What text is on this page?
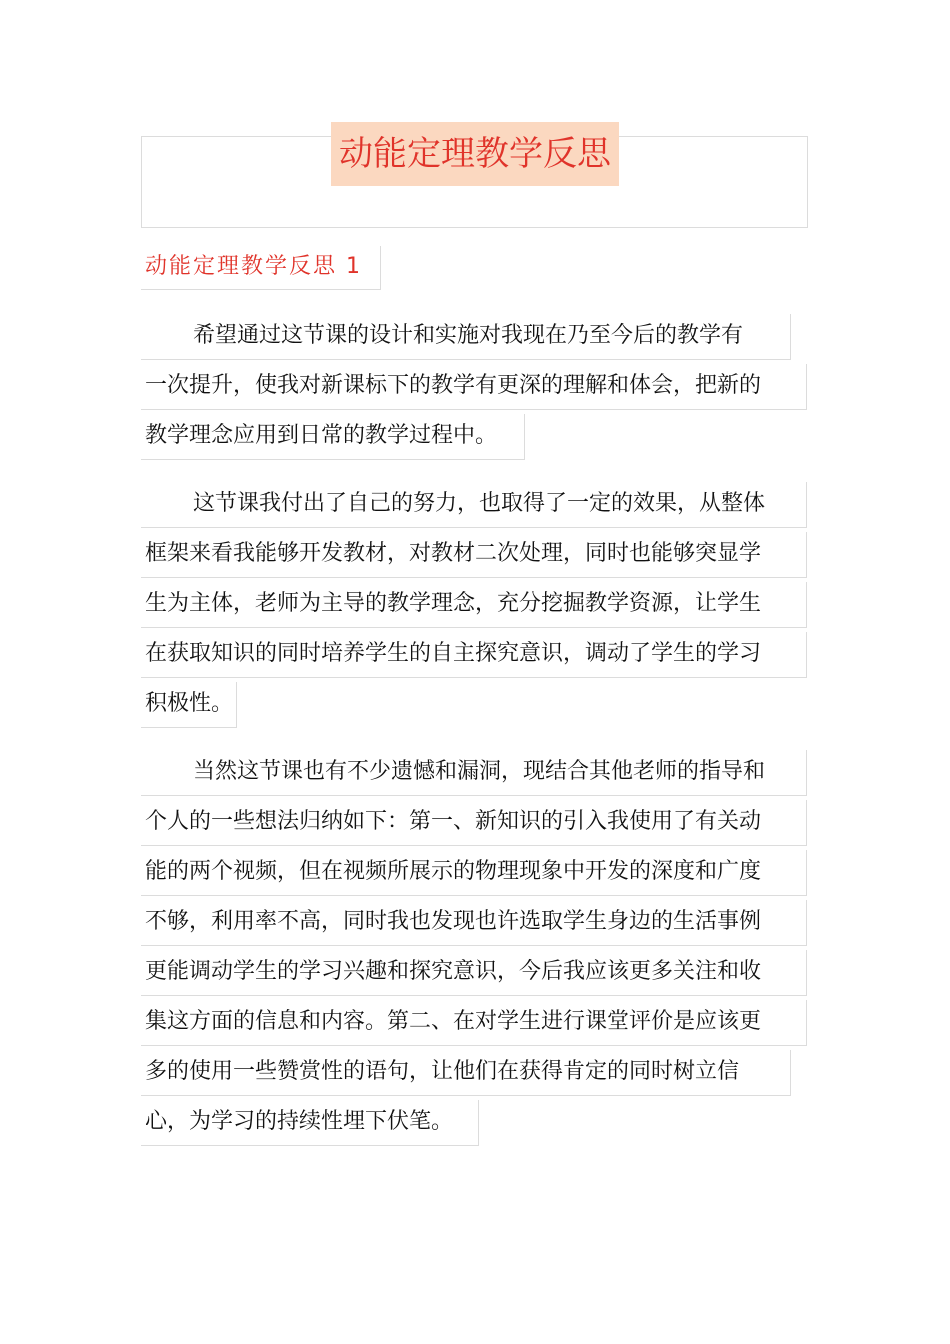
动能定理教学反思
动能定理教学反思 1
希望通过这节课的设计和实施对我现在乃至今后的教学有
一次提升，使我对新课标下的教学有更深的理解和体会，把新的
教学理念应用到日常的教学过程中。
这节课我付出了自己的努力，也取得了一定的效果，从整体
框架来看我能够开发教材，对教材二次处理，同时也能够突显学
生为主体，老师为主导的教学理念，充分挖掘教学资源，让学生
在获取知识的同时培养学生的自主探究意识，调动了学生的学习
积极性。
当然这节课也有不少遗憾和漏洞，现结合其他老师的指导和
个人的一些想法归纳如下：第一、新知识的引入我使用了有关动
能的两个视频，但在视频所展示的物理现象中开发的深度和广度
不够，利用率不高，同时我也发现也许选取学生身边的生活事例
更能调动学生的学习兴趣和探究意识，今后我应该更多关注和收
集这方面的信息和内容。第二、在对学生进行课堂评价是应该更
多的使用一些赞赏性的语句，让他们在获得肯定的同时树立信
心，为学习的持续性埋下伏笔。
